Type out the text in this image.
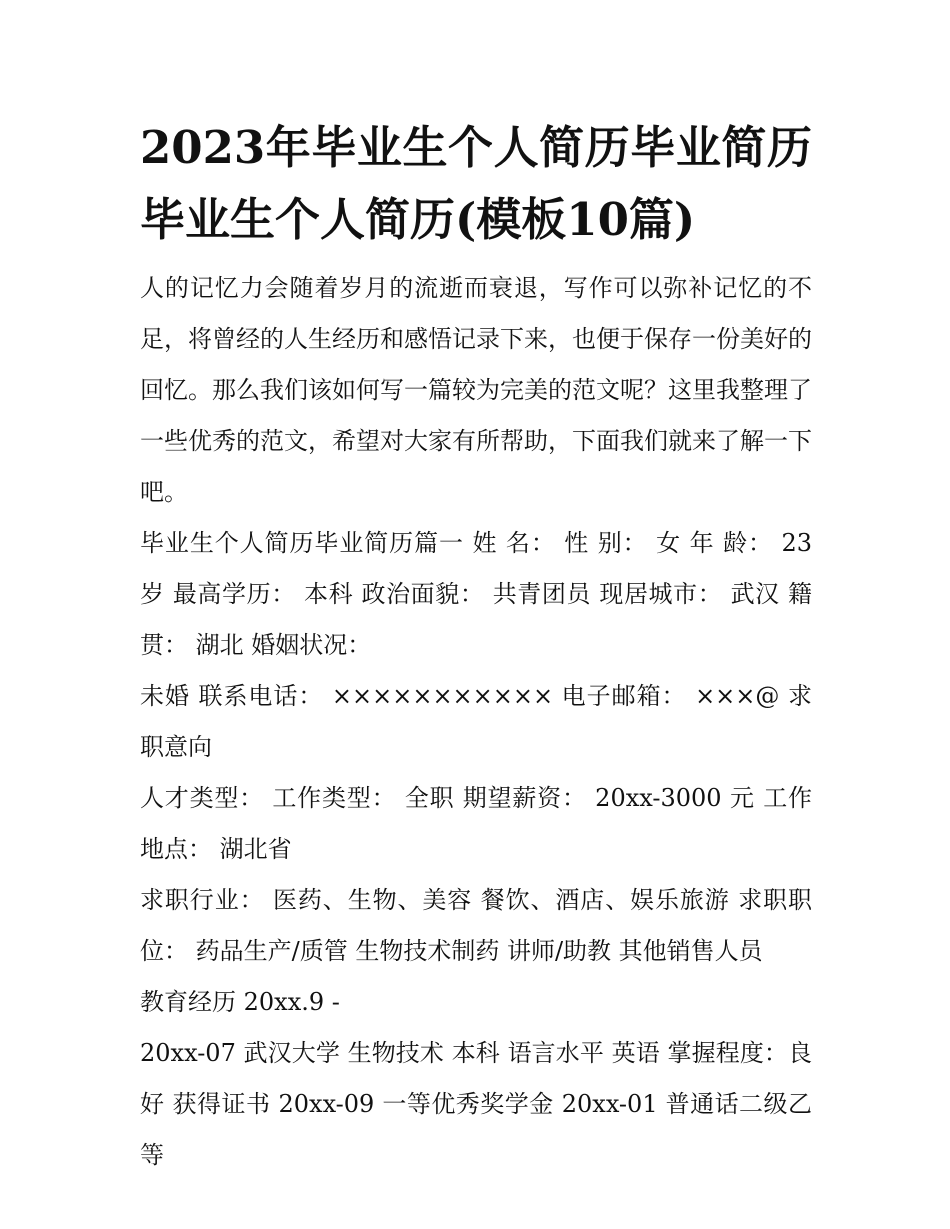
2023年毕业生个人简历毕业简历 毕业生个人简历(模板10篇)

人的记忆力会随着岁月的流逝而衰退，写作可以弥补记忆的不足，将曾经的人生经历和感悟记录下来，也便于保存一份美好的回忆。那么我们该如何写一篇较为完美的范文呢？这里我整理了一些优秀的范文，希望对大家有所帮助，下面我们就来了解一下吧。

毕业生个人简历毕业简历篇一 姓 名： 性 别： 女 年 龄： 23 岁 最高学历： 本科 政治面貌： 共青团员 现居城市： 武汉 籍贯： 湖北 婚姻状况：

未婚 联系电话： ××××××××××× 电子邮箱： ×××@ 求职意向

人才类型： 工作类型： 全职 期望薪资： 20xx-3000 元 工作地点： 湖北省

求职行业： 医药、生物、美容 餐饮、酒店、娱乐旅游 求职职位： 药品生产/质管 生物技术制药 讲师/助教 其他销售人员

教育经历 20xx.9 -

20xx-07 武汉大学 生物技术 本科 语言水平 英语 掌握程度：良好 获得证书 20xx-09 一等优秀奖学金 20xx-01 普通话二级乙等
